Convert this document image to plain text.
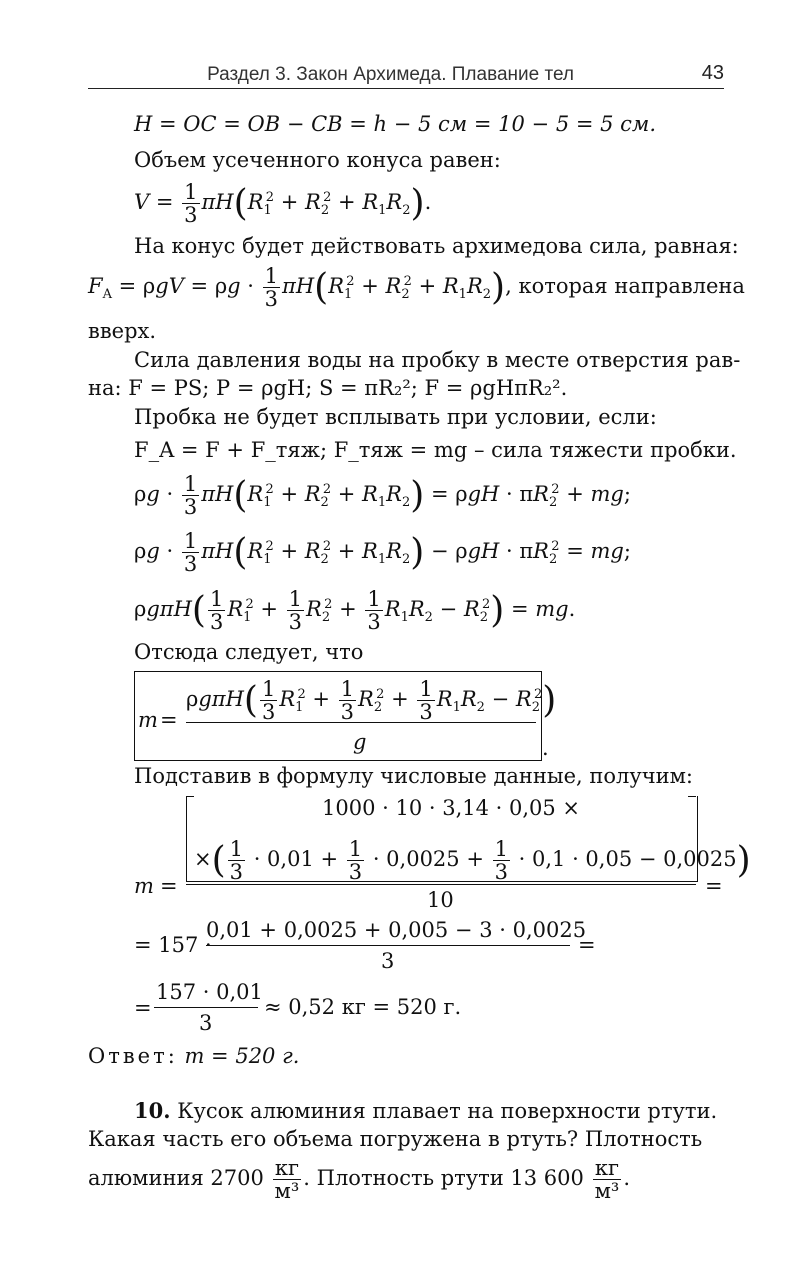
Раздел 3. Закон Архимеда. Плавание тел	43
H = OC = OB − CB = h − 5 см = 10 − 5 = 5 см.
Объем усеченного конуса равен:
$V = \frac{1}{3} \pi H(R_1^2 + R_2^2 + R_1R_2)$.
На конус будет действовать архимедова сила, равная:
$F_A = \rho gV = \rho g \cdot \frac{1}{3} \pi H(R_1^2 + R_2^2 + R_1R_2)$, которая направлена
вверх.
Сила давления воды на пробку в месте отверстия рав-
на: F = PS; P = ρgH; S = πR₂²; F = ρgHπR₂².
Пробка не будет всплывать при условии, если:
F_A = F + F_тяж; F_тяж = mg – сила тяжести пробки.
$\rho g \cdot \frac{1}{3} \pi H(R_1^2 + R_2^2 + R_1R_2) = \rho gH \cdot \pi R_2^2$ + mg;
$\rho g \cdot \frac{1}{3} \pi H(R_1^2 + R_2^2 + R_1R_2) - \rho gH \cdot \pi R_2^2$ = mg;
$\rho g\pi H( \frac{1}{3} R_1^2 + \frac{1}{3} R_2^2 + \frac{1}{3} R_1R_2 - R_2^2)$ = mg.
Отсюда следует, что
m =
$\rho g\pi H( \frac{1}{3} R_1^2 + \frac{1}{3} R_2^2 + \frac{1}{3} R_1R_2 - R_2^2)$
g	.
Подставив в формулу числовые данные, получим:
m =
1000 · 10 · 3,14 · 0,05 ×
×( $\frac{1}{3} \cdot 0,01 + \frac{1}{3} \cdot 0,0025 + \frac{1}{3} \cdot 0,1 \cdot 0,05 - 0,0025$)
10
=
= 157 ·
0,01 + 0,0025 + 0,005 − 3 · 0,0025
3
=
=
157 · 0,01
3
≈ 0,52 кг = 520 г.
Ответ: m = 520 г.
10. Кусок алюминия плавает на поверхности ртути.
Какая часть его объема погружена в ртуть? Плотность
алюминия $2700 \frac{кг}{\text{м³}}$ . Плотность ртути 13 $600 \frac{кг}{\text{м³}}$ .
